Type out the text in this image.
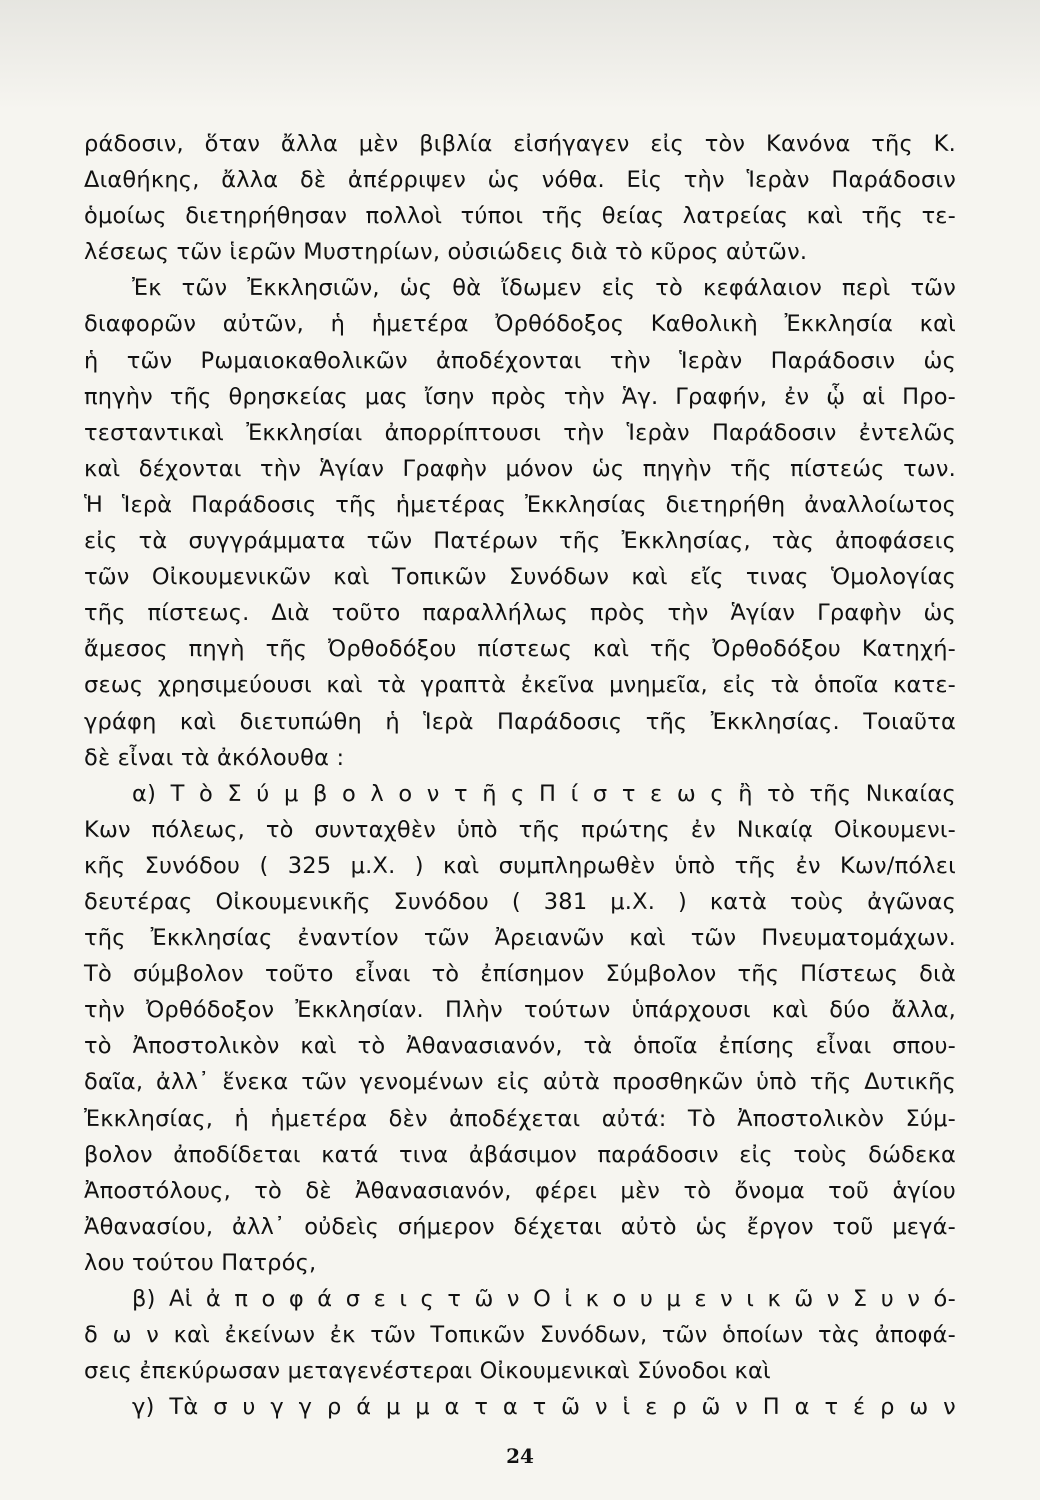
ράδοσιν, ὅταν ἄλλα μὲν βιβλία εἰσήγαγεν εἰς τὸν Κανόνα τῆς Κ.
Διαθήκης, ἄλλα δὲ ἀπέρριψεν ὡς νόθα. Εἰς τὴν Ἱερὰν Παράδοσιν
ὁμοίως διετηρήθησαν πολλοὶ τύποι τῆς θείας λατρείας καὶ τῆς τε-
λέσεως τῶν ἱερῶν Μυστηρίων, οὐσιώδεις διὰ τὸ κῦρος αὐτῶν.
Ἐκ τῶν Ἐκκλησιῶν, ὡς θὰ ἴδωμεν εἰς τὸ κεφάλαιον περὶ τῶν
διαφορῶν αὐτῶν, ἡ ἡμετέρα Ὀρθόδοξος Καθολικὴ Ἐκκλησία καὶ
ἡ τῶν Ρωμαιοκαθολικῶν ἀποδέχονται τὴν Ἱερὰν Παράδοσιν ὡς
πηγὴν τῆς θρησκείας μας ἴσην πρὸς τὴν Ἁγ. Γραφήν, ἐν ᾧ αἱ Προ-
τεσταντικαὶ Ἐκκλησίαι ἀπορρίπτουσι τὴν Ἱερὰν Παράδοσιν ἐντελῶς
καὶ δέχονται τὴν Ἁγίαν Γραφὴν μόνον ὡς πηγὴν τῆς πίστεώς των.
Ἡ Ἱερὰ Παράδοσις τῆς ἡμετέρας Ἐκκλησίας διετηρήθη ἀναλλοίωτος
εἰς τὰ συγγράμματα τῶν Πατέρων τῆς Ἐκκλησίας, τὰς ἀποφάσεις
τῶν Οἰκουμενικῶν καὶ Τοπικῶν Συνόδων καὶ εἴς τινας Ὁμολογίας
τῆς πίστεως. Διὰ τοῦτο παραλλήλως πρὸς τὴν Ἁγίαν Γραφὴν ὡς
ἄμεσος πηγὴ τῆς Ὀρθοδόξου πίστεως καὶ τῆς Ὀρθοδόξου Κατηχή-
σεως χρησιμεύουσι καὶ τὰ γραπτὰ ἐκεῖνα μνημεῖα, εἰς τὰ ὁποῖα κατε-
γράφη καὶ διετυπώθη ἡ Ἱερὰ Παράδοσις τῆς Ἐκκλησίας. Τοιαῦτα
δὲ εἶναι τὰ ἀκόλουθα :
α) Τ ὸ Σ ύ μ β ο λ ο ν τ ῆ ς Π ί σ τ ε ω ς ἢ τὸ τῆς Νικαίας
Κων πόλεως, τὸ συνταχθὲν ὑπὸ τῆς πρώτης ἐν Νικαίᾳ Οἰκουμενι-
κῆς Συνόδου ( 325 μ.Χ. ) καὶ συμπληρωθὲν ὑπὸ τῆς ἐν Κων/πόλει
δευτέρας Οἰκουμενικῆς Συνόδου ( 381 μ.Χ. ) κατὰ τοὺς ἀγῶνας
τῆς Ἐκκλησίας ἐναντίον τῶν Ἀρειανῶν καὶ τῶν Πνευματομάχων.
Τὸ σύμβολον τοῦτο εἶναι τὸ ἐπίσημον Σύμβολον τῆς Πίστεως διὰ
τὴν Ὀρθόδοξον Ἐκκλησίαν. Πλὴν τούτων ὑπάρχουσι καὶ δύο ἄλλα,
τὸ Ἀποστολικὸν καὶ τὸ Ἀθανασιανόν, τὰ ὁποῖα ἐπίσης εἶναι σπου-
δαῖα, ἀλλ᾽ ἕνεκα τῶν γενομένων εἰς αὐτὰ προσθηκῶν ὑπὸ τῆς Δυτικῆς
Ἐκκλησίας, ἡ ἡμετέρα δὲν ἀποδέχεται αὐτά: Τὸ Ἀποστολικὸν Σύμ-
βολον ἀποδίδεται κατά τινα ἀβάσιμον παράδοσιν εἰς τοὺς δώδεκα
Ἀποστόλους, τὸ δὲ Ἀθανασιανόν, φέρει μὲν τὸ ὄνομα τοῦ ἁγίου
Ἀθανασίου, ἀλλ᾽ οὐδεὶς σήμερον δέχεται αὐτὸ ὡς ἔργον τοῦ μεγά-
λου τούτου Πατρός,
β) Αἱ ἀ π ο φ ά σ ε ι ς τ ῶ ν Ο ἰ κ ο υ μ ε ν ι κ ῶ ν Σ υ ν ό-
δ ω ν καὶ ἐκείνων ἐκ τῶν Τοπικῶν Συνόδων, τῶν ὁποίων τὰς ἀποφά-
σεις ἐπεκύρωσαν μεταγενέστεραι Οἰκουμενικαὶ Σύνοδοι καὶ
γ) Τὰ σ υ γ γ ρ ά μ μ α τ α τ ῶ ν ἱ ε ρ ῶ ν Π α τ έ ρ ω ν
24
